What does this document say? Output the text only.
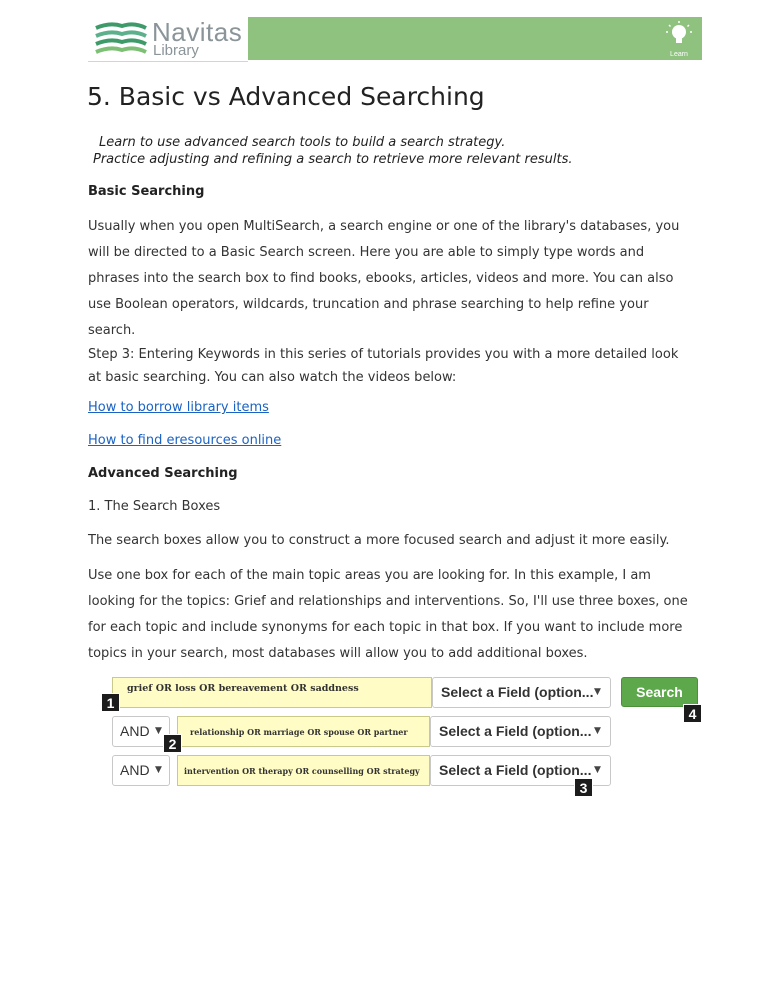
Navitas
Library	Learn
5. Basic vs Advanced Searching
Learn to use advanced search tools to build a search strategy.
Practice adjusting and refining a search to retrieve more relevant results.
Basic Searching
Usually when you open MultiSearch, a search engine or one of the library's databases, you will be directed to a Basic Search screen. Here you are able to simply type words and phrases into the search box to find books, ebooks, articles, videos and more. You can also use Boolean operators, wildcards, truncation and phrase searching to help refine your search.
Step 3: Entering Keywords in this series of tutorials provides you with a more detailed look at basic searching. You can also watch the videos below:
How to borrow library items
How to find eresources online
Advanced Searching
1. The Search Boxes
The search boxes allow you to construct a more focused search and adjust it more easily.
Use one box for each of the main topic areas you are looking for. In this example, I am looking for the topics: Grief and relationships and interventions. So, I'll use three boxes, one for each topic and include synonyms for each topic in that box. If you want to include more topics in your search, most databases will allow you to add additional boxes.
grief OR loss OR bereavement OR saddness	Select a Field (option... ▼	Search
AND ▼	relationship OR marriage OR spouse OR partner	Select a Field (option... ▼
AND ▼	intervention OR therapy OR counselling OR strategy	Select a Field (option... ▼
1
2
3
4
